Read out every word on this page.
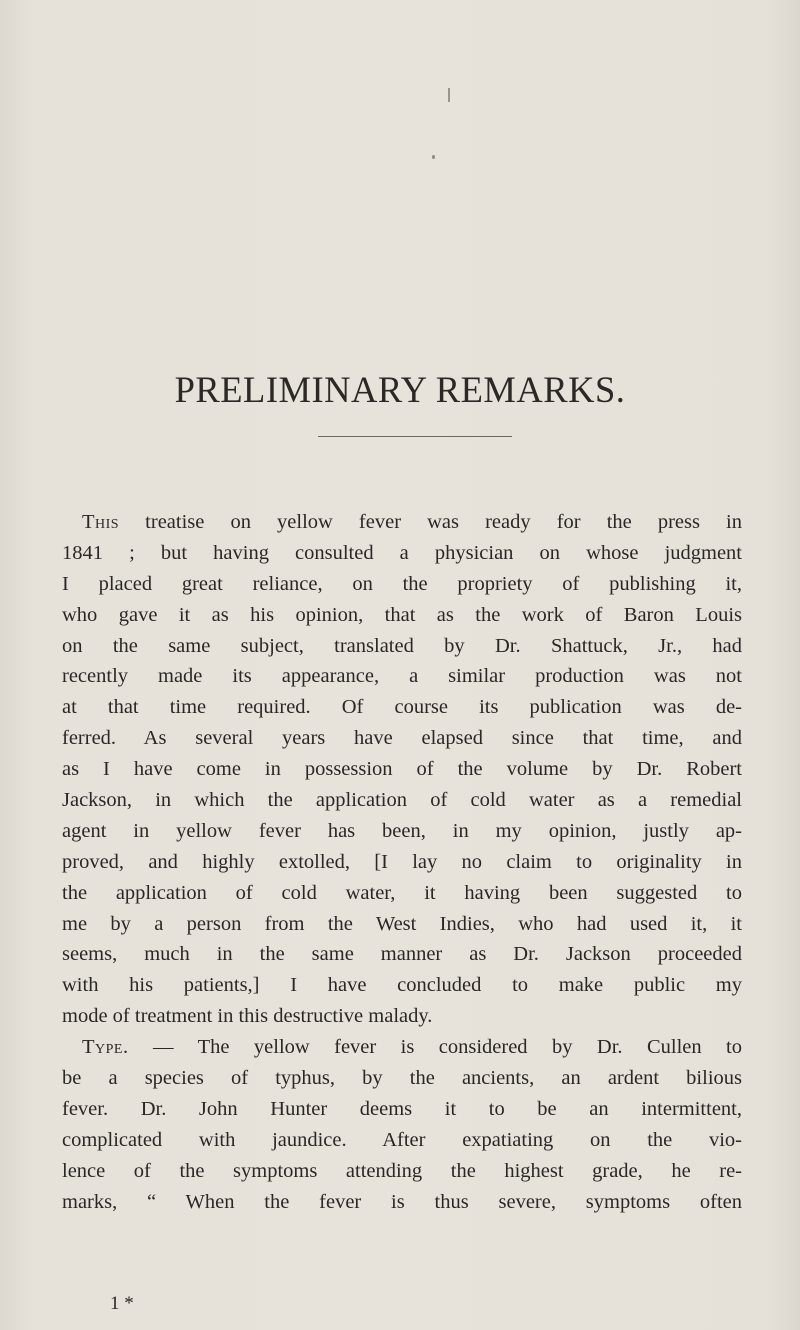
PRELIMINARY REMARKS.
This treatise on yellow fever was ready for the press in
1841 ; but having consulted a physician on whose judgment
I placed great reliance, on the propriety of publishing it,
who gave it as his opinion, that as the work of Baron Louis
on the same subject, translated by Dr. Shattuck, Jr., had
recently made its appearance, a similar production was not
at that time required. Of course its publication was de-
ferred. As several years have elapsed since that time, and
as I have come in possession of the volume by Dr. Robert
Jackson, in which the application of cold water as a remedial
agent in yellow fever has been, in my opinion, justly ap-
proved, and highly extolled, [I lay no claim to originality in
the application of cold water, it having been suggested to
me by a person from the West Indies, who had used it, it
seems, much in the same manner as Dr. Jackson proceeded
with his patients,] I have concluded to make public my
mode of treatment in this destructive malady.
Type. — The yellow fever is considered by Dr. Cullen to
be a species of typhus, by the ancients, an ardent bilious
fever. Dr. John Hunter deems it to be an intermittent,
complicated with jaundice. After expatiating on the vio-
lence of the symptoms attending the highest grade, he re-
marks, “ When the fever is thus severe, symptoms often
1 *
